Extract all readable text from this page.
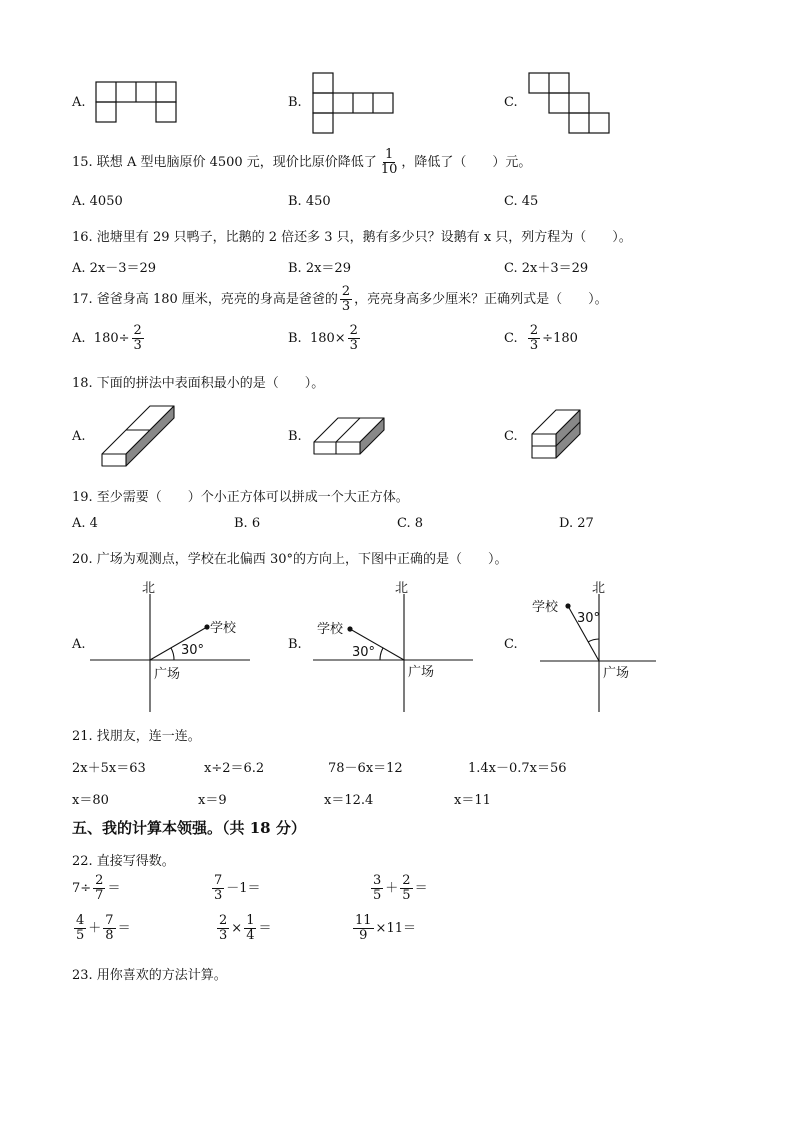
A.	B.	C.
15. 联想 A 型电脑原价 4500 元，现价比原价降低了 $\frac{1}{10}$ ，降低了（　　）元。
A. 4050	B. 450	C. 45
16. 池塘里有 29 只鸭子，比鹅的 2 倍还多 3 只，鹅有多少只？设鹅有 x 只，列方程为（　　）。
A. 2x－3＝29	B. 2x＝29	C. 2x＋3＝29
17. 爸爸身高 180 厘米，亮亮的身高是爸爸的 $\frac{2}{3}$ ，亮亮身高多少厘米？正确列式是（　　）。
A. $180\div \frac{2}{3}$	B. $180\times \frac{2}{3}$	C. $\frac{2}{3} \div 180$
18. 下面的拼法中表面积最小的是（　　）。
A.	B.	C.
19. 至少需要（　　）个小正方体可以拼成一个大正方体。
A. 4	B. 6	C. 8	D. 27
20. 广场为观测点，学校在北偏西 30°的方向上，下图中正确的是（　　）。
A.
北
学校
30°
广场
B.
北
学校
30°
广场
C.
北
学校
30°
广场
21. 找朋友，连一连。
2x＋5x＝63	x÷2＝6.2	78－6x＝12	1.4x－0.7x＝56
x＝80	x＝9	x＝12.4	x＝11
五、我的计算本领强。（共 18 分）
22. 直接写得数。
$7\div \frac{2}{7}$ ＝	$\frac{7}{3} -1=$	$\frac{3}{5} + \frac{2}{5}$ ＝
$\frac{4}{5} + \frac{7}{8}$ ＝	$\frac{2}{3} \times \frac{1}{4}$ ＝	$\frac{11}{9} \times 11=$
23. 用你喜欢的方法计算。
